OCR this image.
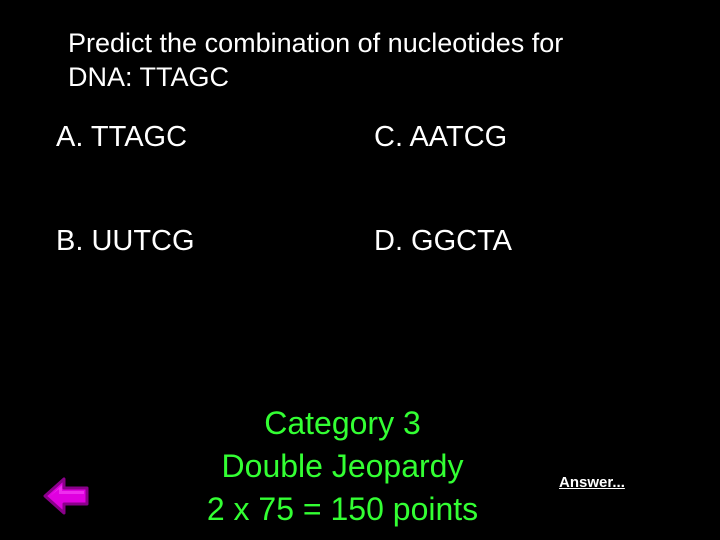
Predict the combination of nucleotides for
DNA: TTAGC
A. TTAGC
B. UUTCG
C. AATCG
D. GGCTA
Category 3
Double Jeopardy
2 x 75 = 150 points
Answer...
